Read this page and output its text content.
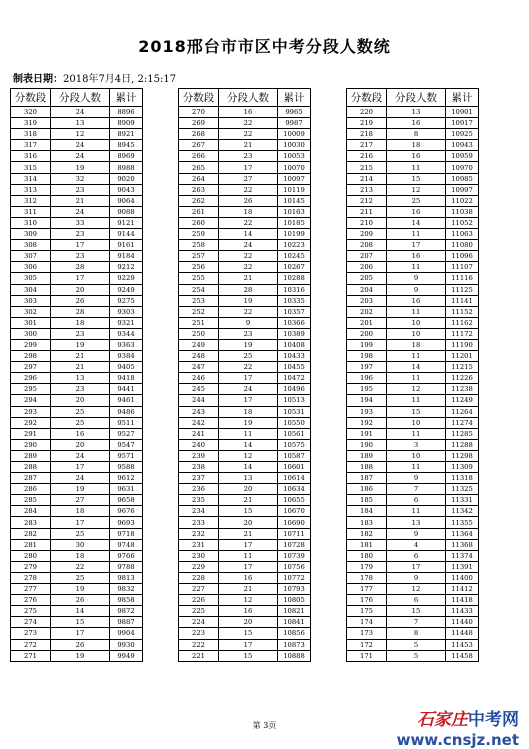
2018邢台市市区中考分段人数统
制表日期：2018年7月4日, 2:15:17
分数段	分段人数	累计
320	24	8896
319	13	8909
318	12	8921
317	24	8945
316	24	8969
315	19	8988
314	32	9020
313	23	9043
312	21	9064
311	24	9088
310	33	9121
309	23	9144
308	17	9161
307	23	9184
306	28	9212
305	17	9229
304	20	9249
303	26	9275
302	28	9303
301	18	9321
300	23	9344
299	19	9363
298	21	9384
297	21	9405
296	13	9418
295	23	9441
294	20	9461
293	25	9486
292	25	9511
291	16	9527
290	20	9547
289	24	9571
288	17	9588
287	24	9612
286	19	9631
285	27	9658
284	18	9676
283	17	9693
282	25	9718
281	30	9748
280	18	9766
279	22	9788
278	25	9813
277	19	9832
276	26	9858
275	14	9872
274	15	9887
273	17	9904
272	26	9930
271	19	9949
分数段	分段人数	累计
270	16	9965
269	22	9987
268	22	10009
267	21	10030
266	23	10053
265	17	10070
264	27	10097
263	22	10119
262	26	10145
261	18	10163
260	22	10185
259	14	10199
258	24	10223
257	22	10245
256	22	10267
255	21	10288
254	28	10316
253	19	10335
252	22	10357
251	9	10366
250	23	10389
249	19	10408
248	25	10433
247	22	10455
246	17	10472
245	24	10496
244	17	10513
243	18	10531
242	19	10550
241	11	10561
240	14	10575
239	12	10587
238	14	10601
237	13	10614
236	20	10634
235	21	10655
234	15	10670
233	20	10690
232	21	10711
231	17	10728
230	11	10739
229	17	10756
228	16	10772
227	21	10793
226	12	10805
225	16	10821
224	20	10841
223	15	10856
222	17	10873
221	15	10888
分数段	分段人数	累计
220	13	10901
219	16	10917
218	8	10925
217	18	10943
216	16	10959
215	11	10970
214	15	10985
213	12	10997
212	25	11022
211	16	11038
210	14	11052
209	11	11063
208	17	11080
207	16	11096
206	11	11107
205	9	11116
204	9	11125
203	16	11141
202	11	11152
201	10	11162
200	10	11172
199	18	11190
198	11	11201
197	14	11215
196	11	11226
195	12	11238
194	11	11249
193	15	11264
192	10	11274
191	11	11285
190	3	11288
189	10	11298
188	11	11309
187	9	11318
186	7	11325
185	6	11331
184	11	11342
183	13	11355
182	9	11364
181	4	11368
180	6	11374
179	17	11391
178	9	11400
177	12	11412
176	6	11418
175	15	11433
174	7	11440
173	8	11448
172	5	11453
171	5	11458
第 3页	石家庄中考网
www.cnsjz.net
